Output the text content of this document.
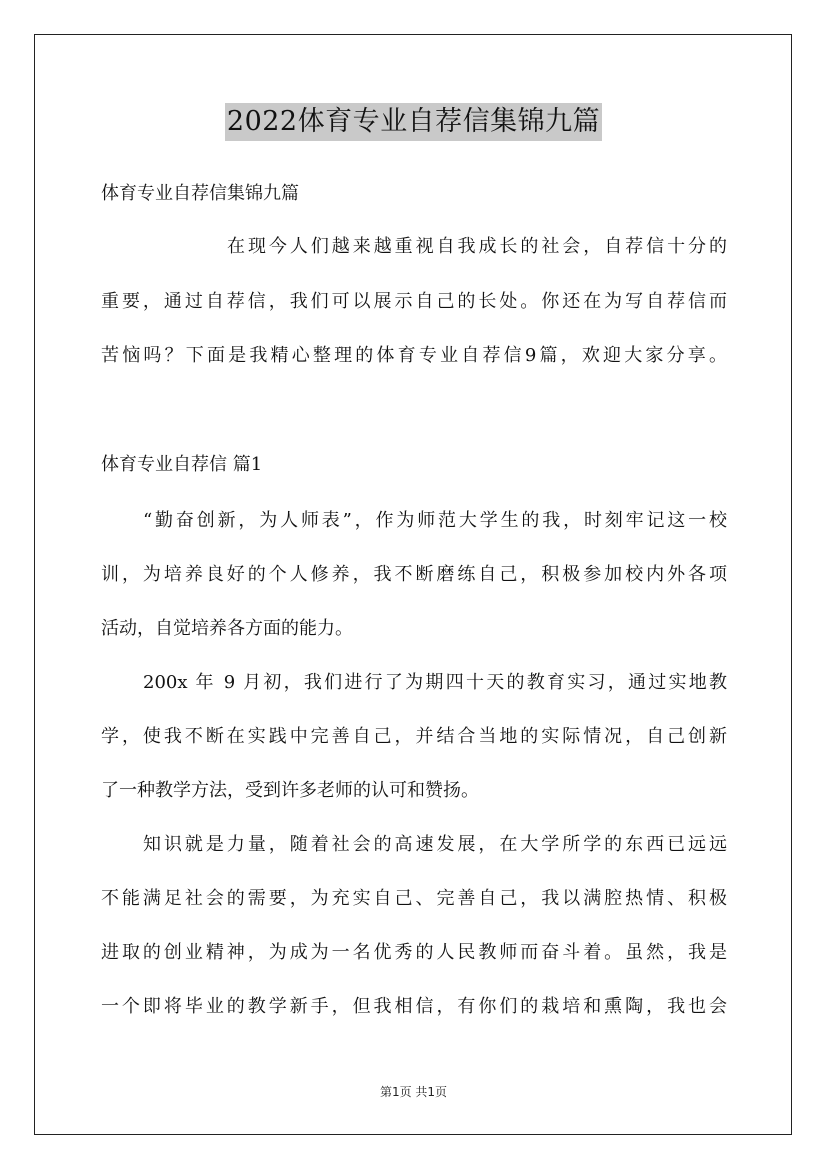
2022体育专业自荐信集锦九篇
体育专业自荐信集锦九篇
在现今人们越来越重视自我成长的社会，自荐信十分的
重要，通过自荐信，我们可以展示自己的长处。你还在为写自荐信而
苦恼吗？下面是我精心整理的体育专业自荐信9篇，欢迎大家分享。
体育专业自荐信 篇1
“勤奋创新，为人师表”，作为师范大学生的我，时刻牢记这一校
训，为培养良好的个人修养，我不断磨练自己，积极参加校内外各项
活动，自觉培养各方面的能力。
200x 年 9 月初，我们进行了为期四十天的教育实习，通过实地教
学，使我不断在实践中完善自己，并结合当地的实际情况，自己创新
了一种教学方法，受到许多老师的认可和赞扬。
知识就是力量，随着社会的高速发展，在大学所学的东西已远远
不能满足社会的需要，为充实自己、完善自己，我以满腔热情、积极
进取的创业精神，为成为一名优秀的人民教师而奋斗着。虽然，我是
一个即将毕业的教学新手，但我相信，有你们的栽培和熏陶，我也会
第1页 共1页
